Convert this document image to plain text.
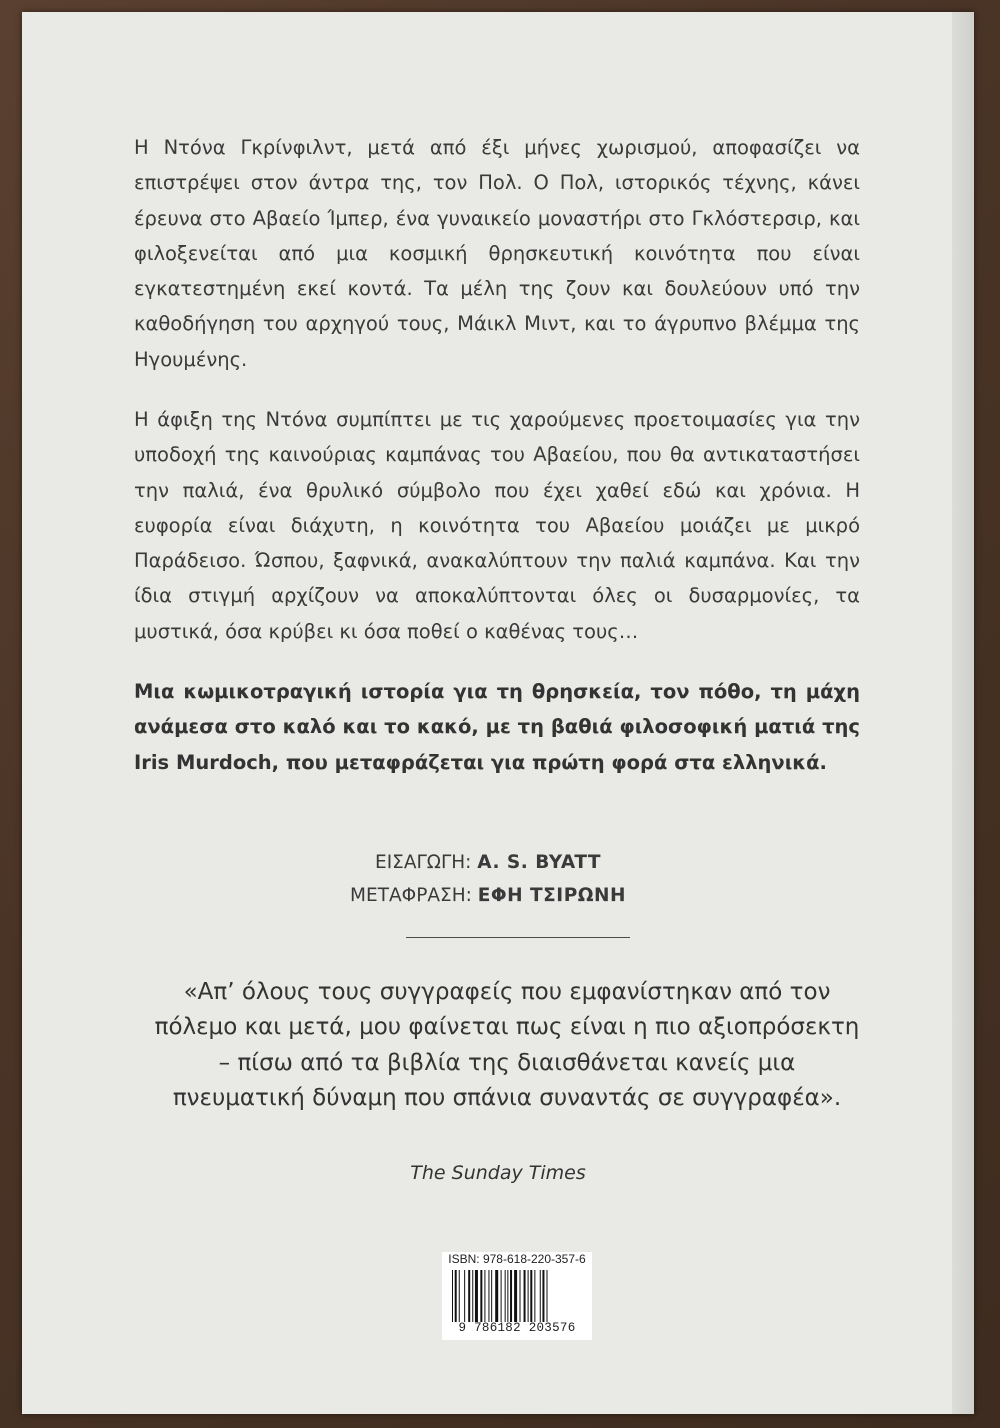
Η Ντόνα Γκρίνφιλντ, μετά από έξι μήνες χωρισμού, αποφασίζει να επιστρέψει στον άντρα της, τον Πολ. Ο Πολ, ιστορικός τέχνης, κάνει έρευνα στο Αβαείο Ίμπερ, ένα γυναικείο μοναστήρι στο Γκλόστερσιρ, και φιλοξενείται από μια κοσμική θρησκευτική κοινότητα που είναι εγκατεστημένη εκεί κοντά. Τα μέλη της ζουν και δουλεύουν υπό την καθοδήγηση του αρχηγού τους, Μάικλ Μιντ, και το άγρυπνο βλέμμα της Ηγουμένης.

Η άφιξη της Ντόνα συμπίπτει με τις χαρούμενες προετοιμασίες για την υποδοχή της καινούριας καμπάνας του Αβαείου, που θα αντικαταστήσει την παλιά, ένα θρυλικό σύμβολο που έχει χαθεί εδώ και χρόνια. Η ευφορία είναι διάχυτη, η κοινότητα του Αβαείου μοιάζει με μικρό Παράδεισο. Ώσπου, ξαφνικά, ανακαλύπτουν την παλιά καμπάνα. Και την ίδια στιγμή αρχίζουν να αποκαλύπτονται όλες οι δυσαρμονίες, τα μυστικά, όσα κρύβει κι όσα ποθεί ο καθένας τους…

Μια κωμικοτραγική ιστορία για τη θρησκεία, τον πόθο, τη μάχη ανάμεσα στο καλό και το κακό, με τη βαθιά φιλοσοφική ματιά της Iris Murdoch, που μεταφράζεται για πρώτη φορά στα ελληνικά.

ΕΙΣΑΓΩΓΗ: A. S. BYATT
ΜΕΤΑΦΡΑΣΗ: ΕΦΗ ΤΣΙΡΩΝΗ
«Απ’ όλους τους συγγραφείς που εμφανίστηκαν από τον πόλεμο και μετά, μου φαίνεται πως είναι η πιο αξιοπρόσεκτη – πίσω από τα βιβλία της διαισθάνεται κανείς μια πνευματική δύναμη που σπάνια συναντάς σε συγγραφέα».
The Sunday Times
ISBN: 978-618-220-357-6
9 786182 203576
